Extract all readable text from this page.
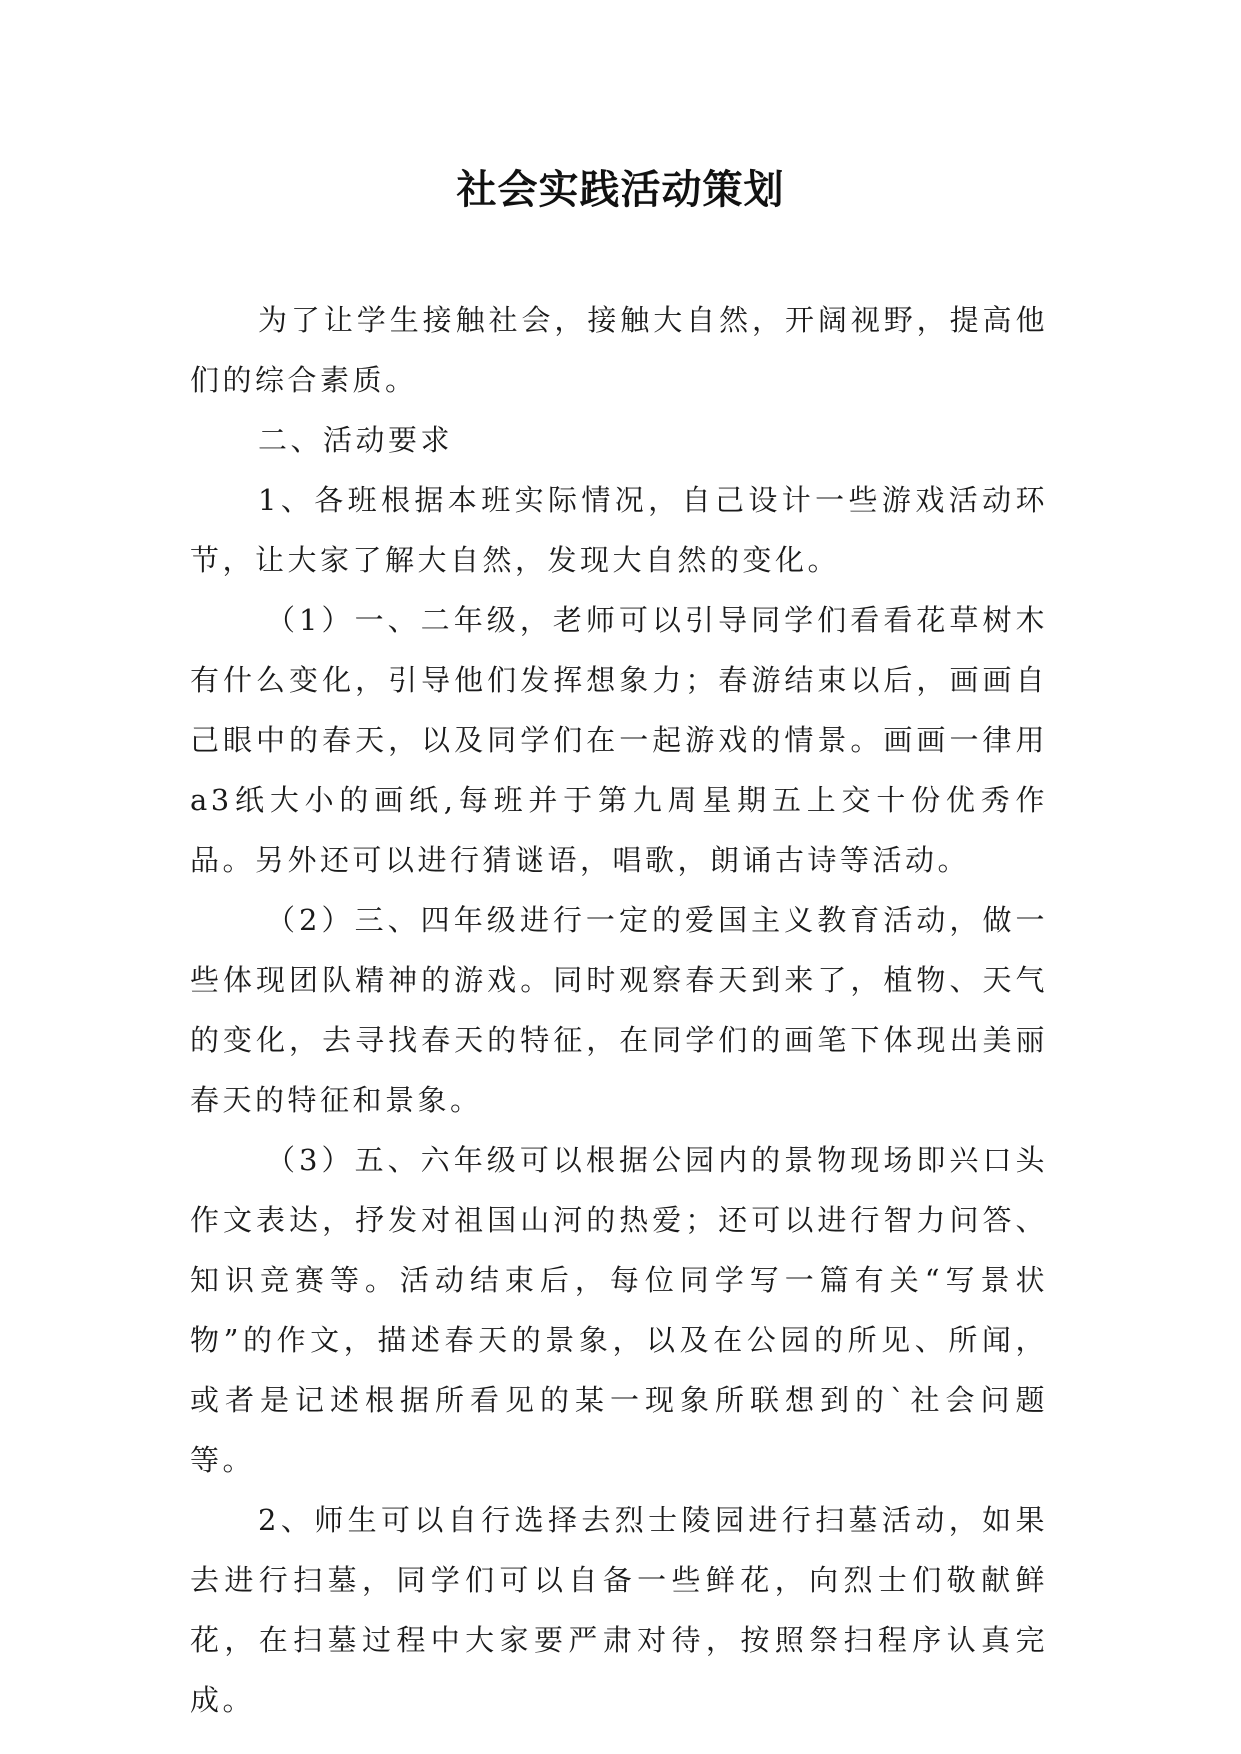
社会实践活动策划

为了让学生接触社会，接触大自然，开阔视野，提高他们的综合素质。

二、活动要求

1、各班根据本班实际情况，自己设计一些游戏活动环节，让大家了解大自然，发现大自然的变化。

（1）一、二年级，老师可以引导同学们看看花草树木有什么变化，引导他们发挥想象力；春游结束以后，画画自己眼中的春天，以及同学们在一起游戏的情景。画画一律用a3纸大小的画纸,每班并于第九周星期五上交十份优秀作品。另外还可以进行猜谜语，唱歌，朗诵古诗等活动。

（2）三、四年级进行一定的爱国主义教育活动，做一些体现团队精神的游戏。同时观察春天到来了，植物、天气的变化，去寻找春天的特征，在同学们的画笔下体现出美丽春天的特征和景象。

（3）五、六年级可以根据公园内的景物现场即兴口头作文表达，抒发对祖国山河的热爱；还可以进行智力问答、知识竞赛等。活动结束后，每位同学写一篇有关“写景状物”的作文，描述春天的景象，以及在公园的所见、所闻，或者是记述根据所看见的某一现象所联想到的`社会问题等。

2、师生可以自行选择去烈士陵园进行扫墓活动，如果去进行扫墓，同学们可以自备一些鲜花，向烈士们敬献鲜花，在扫墓过程中大家要严肃对待，按照祭扫程序认真完成。
